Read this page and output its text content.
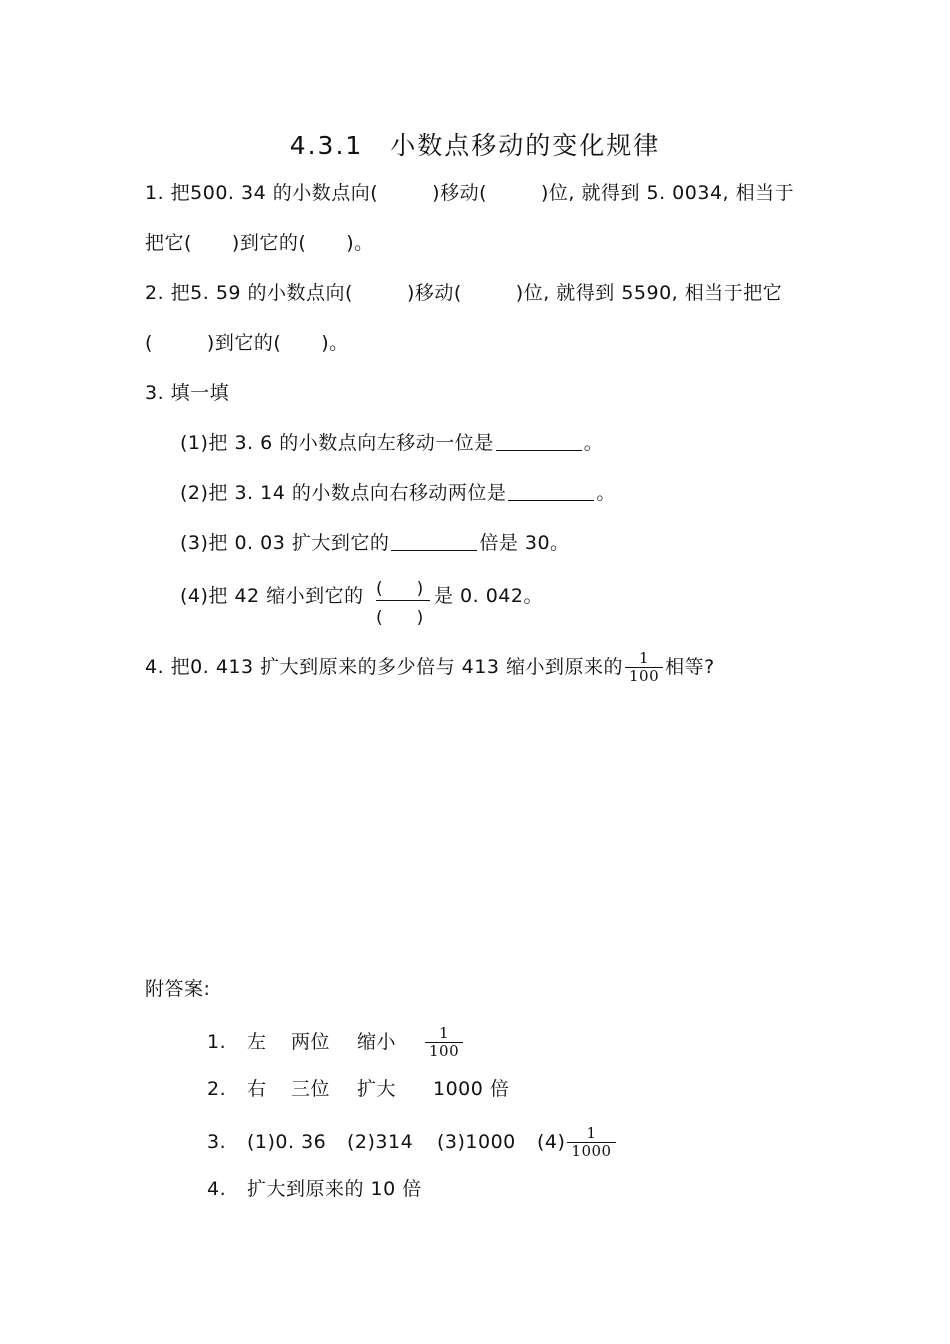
4.3.1　小数点移动的变化规律
1. 把500. 34 的小数点向(	)移动(	)位, 就得到 5. 0034, 相当于
把它( )到它的( )。
2. 把5. 59 的小数点向(	)移动(	)位, 就得到 5590, 相当于把它
(	)到它的( )。
3. 填一填
(1)把 3. 6 的小数点向左移动一位是	。
(2)把 3. 14 的小数点向右移动两位是	。
(3)把 0. 03 扩大到它的	倍是 30。
(4)把 42 缩小到它的 (　　)
(　　)
是 0. 042。
4. 把0. 413 扩大到原来的多少倍与 413 缩小到原来的 $\frac{1}{100}$ 相等?
附答案:
1. 左 两位 缩小 $\frac{1}{100}$
2. 右 三位 扩大 1000 倍
3. (1)0. 36 (2)314 (3)1000 $(4) \frac{1}{1000}$
4. 扩大到原来的 10 倍
